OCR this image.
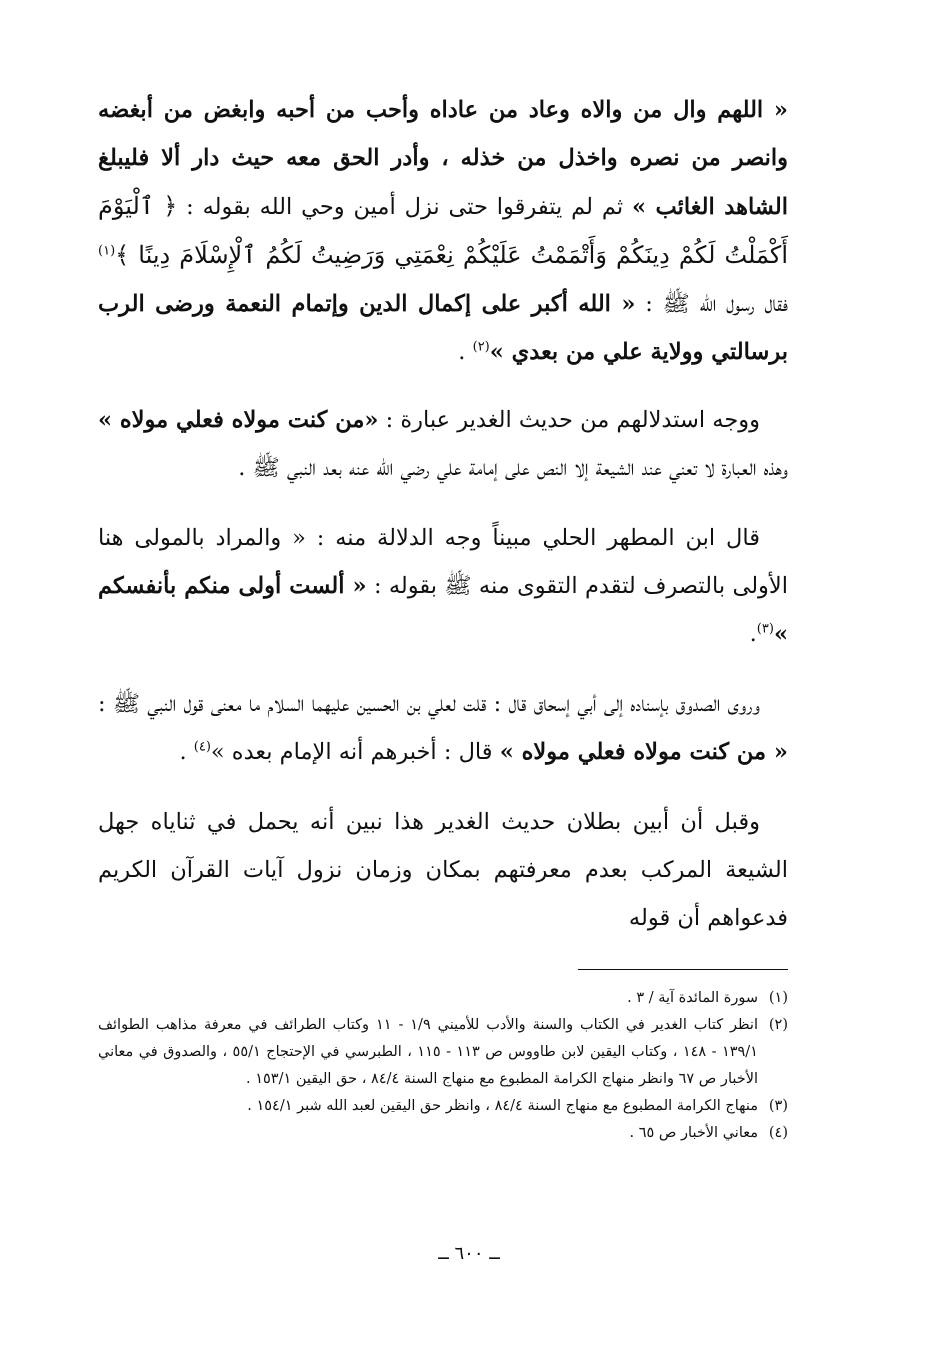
« اللهم وال من والاه وعاد من عاداه وأحب من أحبه وابغض من أبغضه وانصر من نصره واخذل من خذله ، وأدر الحق معه حيث دار ألا فليبلغ الشاهد الغائب » ثم لم يتفرقوا حتى نزل أمين وحي الله بقوله : ﴿ ٱلْيَوْمَ أَكْمَلْتُ لَكُمْ دِينَكُمْ وَأَتْمَمْتُ عَلَيْكُمْ نِعْمَتِي وَرَضِيتُ لَكُمُ ٱلْإِسْلَامَ دِينًا ﴾$^{(١)}$ فقال رسول الله ﷺ : « الله أكبر على إكمال الدين وإتمام النعمة ورضى الرب برسالتي وولاية علي من بعدي »$^{(٢)}$ .

ووجه استدلالهم من حديث الغدير عبارة : «من كنت مولاه فعلي مولاه » وهذه العبارة لا تعني عند الشيعة إلا النص على إمامة علي رضي الله عنه بعد النبي ﷺ .

قال ابن المطهر الحلي مبيناً وجه الدلالة منه : « والمراد بالمولى هنا الأولى بالتصرف لتقدم التقوى منه ﷺ بقوله : « ألست أولى منكم بأنفسكم »$^{(٣)}$.

وروى الصدوق بإسناده إلى أبي إسحاق قال : قلت لعلي بن الحسين عليهما السلام ما معنى قول النبي ﷺ : « من كنت مولاه فعلي مولاه » قال : أخبرهم أنه الإمام بعده »$^{(٤)}$ .

وقبل أن أبين بطلان حديث الغدير هذا نبين أنه يحمل في ثناياه جهل الشيعة المركب بعدم معرفتهم بمكان وزمان نزول آيات القرآن الكريم فدعواهم أن قوله

(١)
سورة المائدة آية / ٣ .
(٢)
انظر كتاب الغدير في الكتاب والسنة والأدب للأميني ١/٩ - ١١ وكتاب الطرائف في معرفة مذاهب الطوائف ١٣٩/١ - ١٤٨ ، وكتاب اليقين لابن طاووس ص ١١٣ - ١١٥ ، الطبرسي في الإحتجاج ٥٥/١ ، والصدوق في معاني الأخبار ص ٦٧ وانظر منهاج الكرامة المطبوع مع منهاج السنة ٨٤/٤ ، حق اليقين ١٥٣/١ .
(٣)
منهاج الكرامة المطبوع مع منهاج السنة ٨٤/٤ ، وانظر حق اليقين لعبد الله شبر ١٥٤/١ .
(٤)
معاني الأخبار ص ٦٥ .
ــ ٦٠٠ ــ
